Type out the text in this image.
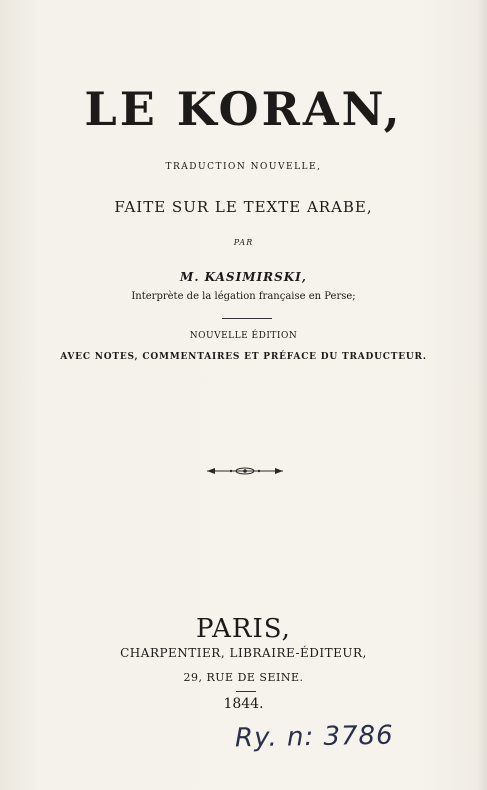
LE KORAN,
TRADUCTION NOUVELLE,
FAITE SUR LE TEXTE ARABE,
PAR
M. KASIMIRSKI,
Interprète de la légation française en Perse;
NOUVELLE ÉDITION
AVEC NOTES, COMMENTAIRES ET PRÉFACE DU TRADUCTEUR.
PARIS,
CHARPENTIER, LIBRAIRE-ÉDITEUR,
29, RUE DE SEINE.
1844.
Ry. n: 3786
